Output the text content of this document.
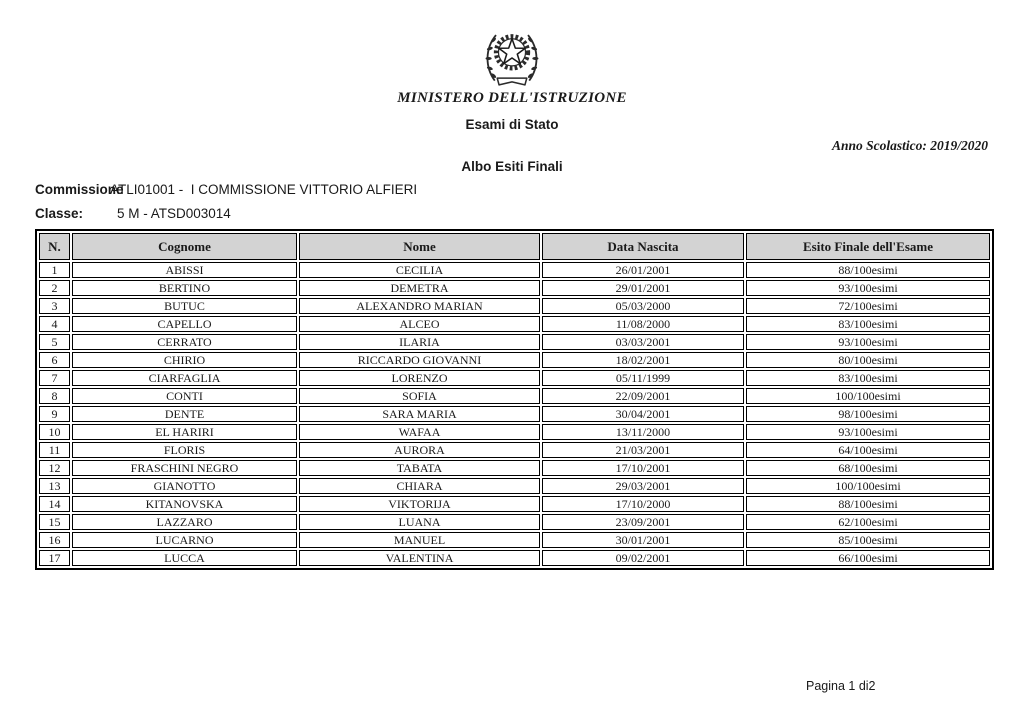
MINISTERO DELL'ISTRUZIONE
Esami di Stato
Anno Scolastico: 2019/2020
Albo Esiti Finali
Commissione
ATLI01001 -  I COMMISSIONE VITTORIO ALFIERI
Classe:	5 M - ATSD003014
N.	Cognome	Nome	Data Nascita	Esito Finale dell'Esame
1	ABISSI	CECILIA	26/01/2001	88/100esimi
2	BERTINO	DEMETRA	29/01/2001	93/100esimi
3	BUTUC	ALEXANDRO MARIAN	05/03/2000	72/100esimi
4	CAPELLO	ALCEO	11/08/2000	83/100esimi
5	CERRATO	ILARIA	03/03/2001	93/100esimi
6	CHIRIO	RICCARDO GIOVANNI	18/02/2001	80/100esimi
7	CIARFAGLIA	LORENZO	05/11/1999	83/100esimi
8	CONTI	SOFIA	22/09/2001	100/100esimi
9	DENTE	SARA MARIA	30/04/2001	98/100esimi
10	EL HARIRI	WAFAA	13/11/2000	93/100esimi
11	FLORIS	AURORA	21/03/2001	64/100esimi
12	FRASCHINI NEGRO	TABATA	17/10/2001	68/100esimi
13	GIANOTTO	CHIARA	29/03/2001	100/100esimi
14	KITANOVSKA	VIKTORIJA	17/10/2000	88/100esimi
15	LAZZARO	LUANA	23/09/2001	62/100esimi
16	LUCARNO	MANUEL	30/01/2001	85/100esimi
17	LUCCA	VALENTINA	09/02/2001	66/100esimi
Pagina 1 di2
